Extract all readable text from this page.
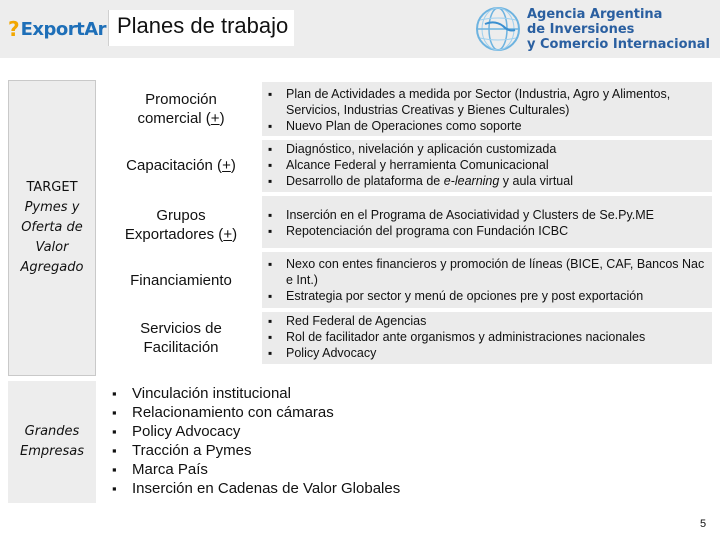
? ExportAr Planes de trabajo	Agencia Argentina
de Inversiones
y Comercio Internacional
TARGET
Pymes y
Oferta de
Valor
Agregado
Grandes
Empresas
Promoción
comercial (+)
▪ Plan de Actividades a medida por Sector (Industria, Agro y Alimentos, Servicios, Industrias Creativas y Bienes Culturales)
▪ Nuevo Plan de Operaciones como soporte
Capacitación (+)
▪ Diagnóstico, nivelación y aplicación customizada
▪ Alcance Federal y herramienta Comunicacional
▪ Desarrollo de plataforma de e-learning y aula virtual
Grupos
Exportadores (+)
▪ Inserción en el Programa de Asociatividad y Clusters de Se.Py.ME
▪ Repotenciación del programa con Fundación ICBC
Financiamiento
▪ Nexo con entes financieros y promoción de líneas (BICE, CAF, Bancos Nac e Int.)
▪ Estrategia por sector y menú de opciones pre y post exportación
Servicios de
Facilitación
▪ Red Federal de Agencias
▪ Rol de facilitador ante organismos y administraciones nacionales
▪ Policy Advocacy
▪ Vinculación institucional
▪ Relacionamiento con cámaras
▪ Policy Advocacy
▪ Tracción a Pymes
▪ Marca País
▪ Inserción en Cadenas de Valor Globales
5
